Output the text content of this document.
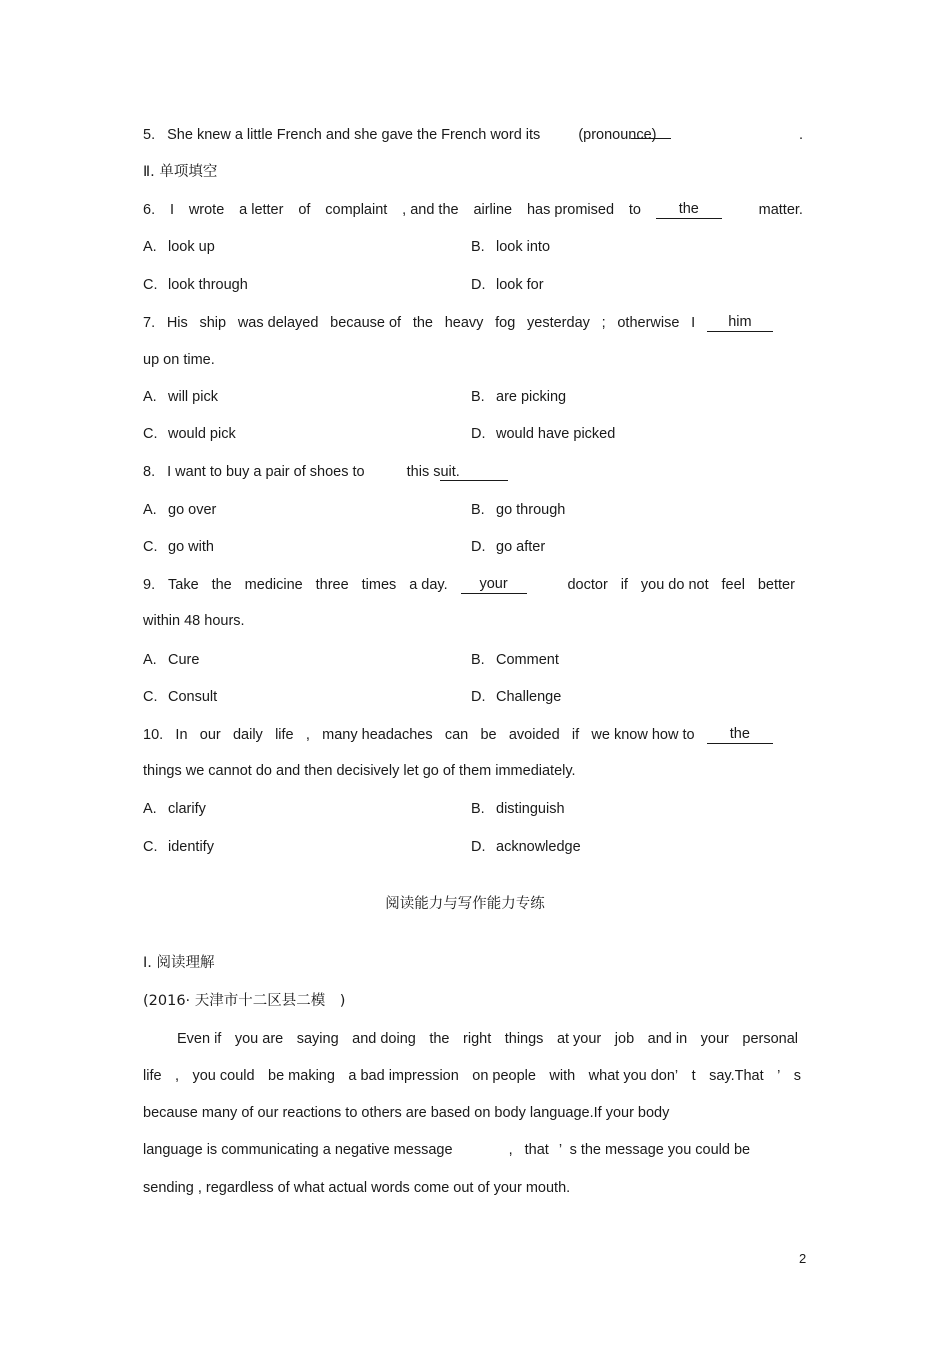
5. She knew a little French and she gave the French word its	(pronounce)	.
Ⅱ. 单项填空
6. I wrote a letter of complaint , and the airline has promised to	the	matter.
A. look up	B. look into
C. look through	D. look for
7. His ship was delayed because of the heavy fog yesterday ; otherwise I	him
up on time.
A. will pick	B. are picking
C. would pick	D. would have picked
8. I want to buy a pair of shoes to	this suit.
A. go over	B. go through
C. go with	D. go after
9. Take the medicine three times a day.	your	doctor if you do not feel better
within 48 hours.
A. Cure	B. Comment
C. Consult	D. Challenge
10. In our daily life , many headaches can be avoided if we know how to	the
things we cannot do and then decisively let go of them immediately.
A. clarify	B. distinguish
C. identify	D. acknowledge
阅读能力与写作能力专练
Ⅰ. 阅读理解
(2016· 天津市十二区县二模　)
Even if you are saying and doing the right things at your job and in your personal
life , you could be making a bad impression on people with what you don’ t say.That ’ s
because many of our reactions to others are based on body language.If your body
language is communicating a negative message	, that ’ s the message you could be
sending , regardless of what actual words come out of your mouth.
2
